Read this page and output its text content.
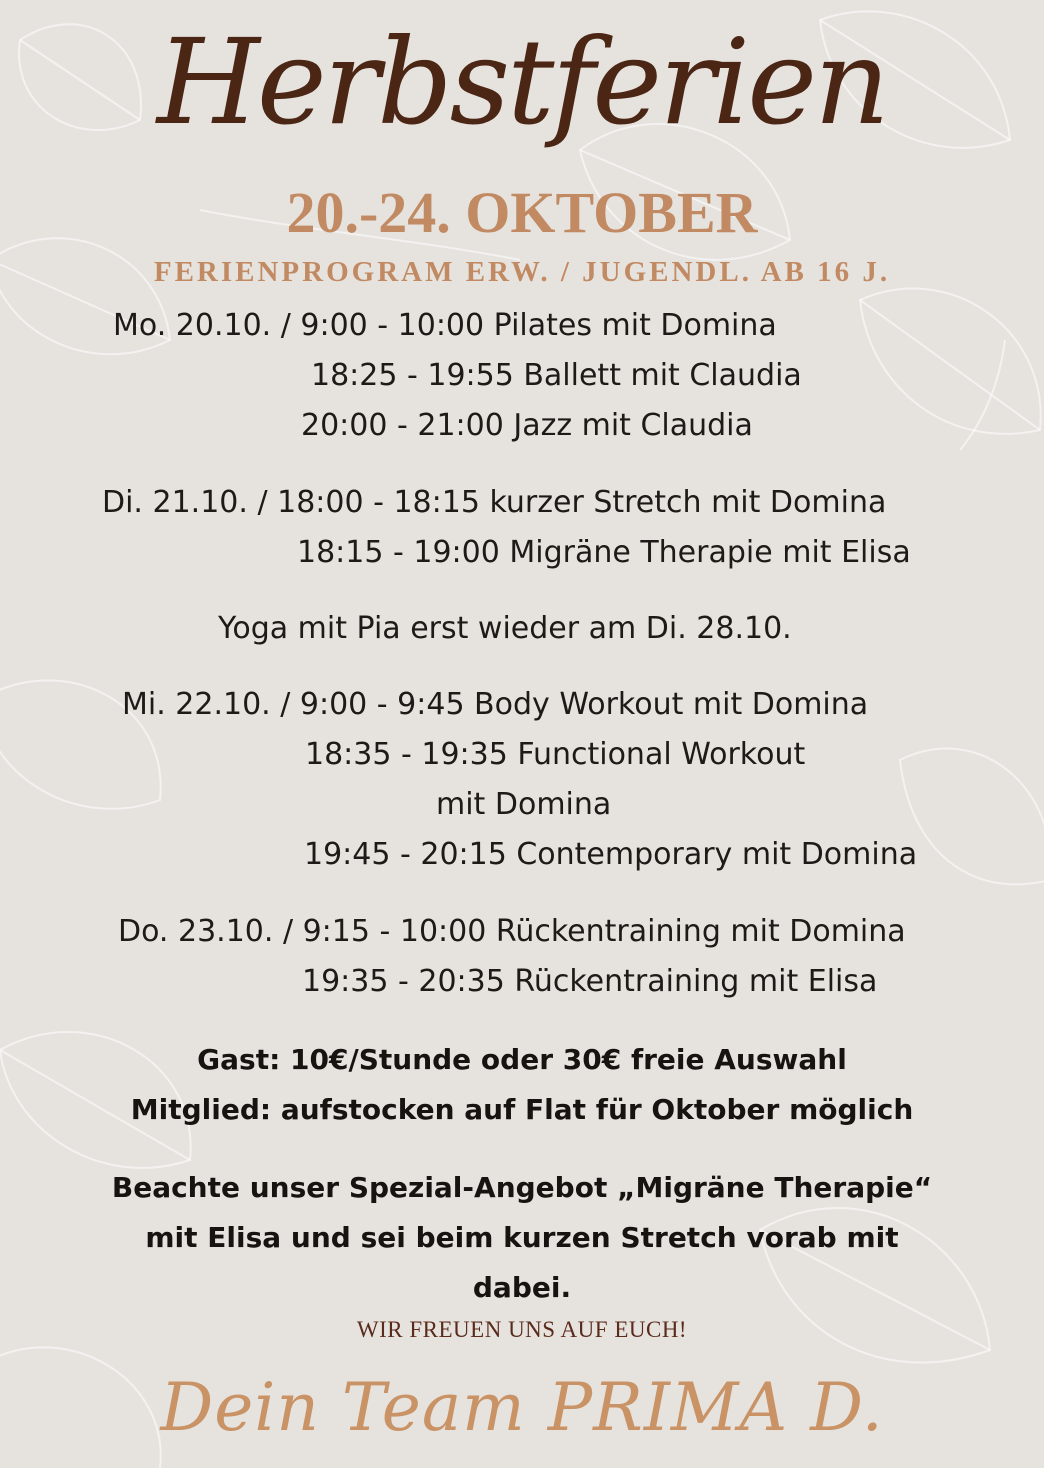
Herbstferien
20.-24. OKTOBER
FERIENPROGRAM ERW. / JUGENDL. AB 16 J.
Mo. 20.10. / 9:00 - 10:00 Pilates mit Domina
18:25 - 19:55 Ballett mit Claudia
20:00 - 21:00 Jazz mit Claudia
Di. 21.10. / 18:00 - 18:15 kurzer Stretch mit Domina
18:15 - 19:00 Migräne Therapie mit Elisa
Yoga mit Pia erst wieder am Di. 28.10.
Mi. 22.10. / 9:00 - 9:45 Body Workout mit Domina
18:35 - 19:35 Functional Workout
mit Domina
19:45 - 20:15 Contemporary mit Domina
Do. 23.10. / 9:15 - 10:00 Rückentraining mit Domina
19:35 - 20:35 Rückentraining mit Elisa
Gast: 10€/Stunde oder 30€ freie Auswahl
Mitglied: aufstocken auf Flat für Oktober möglich
Beachte unser Spezial-Angebot „Migräne Therapie“
mit Elisa und sei beim kurzen Stretch vorab mit
dabei.
WIR FREUEN UNS AUF EUCH!
Dein Team PRIMA D.
